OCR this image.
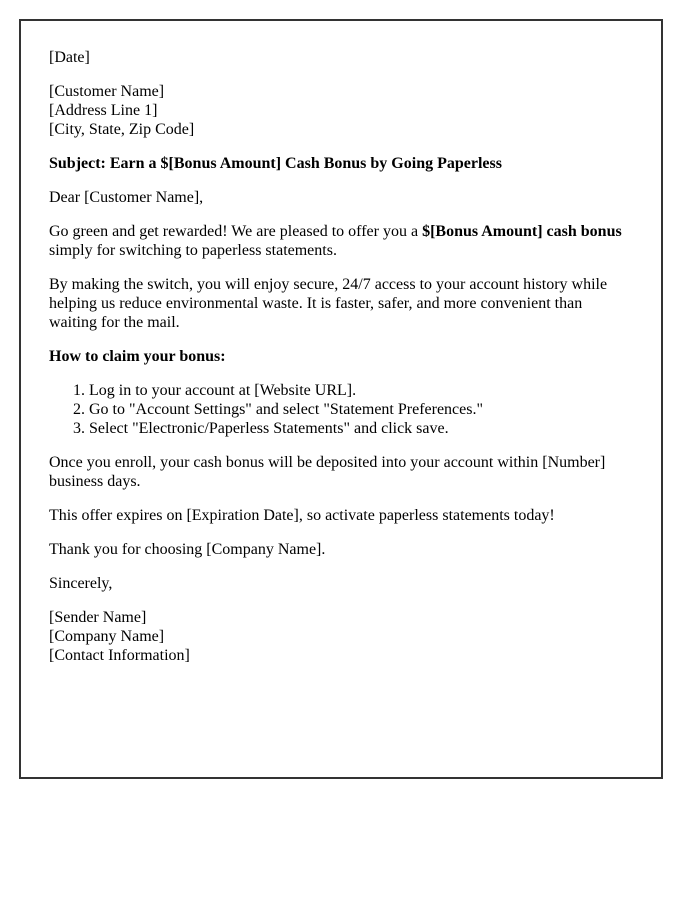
[Date]

[Customer Name]
[Address Line 1]
[City, State, Zip Code]

Subject: Earn a $[Bonus Amount] Cash Bonus by Going Paperless

Dear [Customer Name],

Go green and get rewarded! We are pleased to offer you a $[Bonus Amount] cash bonus simply for switching to paperless statements.

By making the switch, you will enjoy secure, 24/7 access to your account history while helping us reduce environmental waste. It is faster, safer, and more convenient than waiting for the mail.

How to claim your bonus:

1. Log in to your account at [Website URL].
2. Go to "Account Settings" and select "Statement Preferences."
3. Select "Electronic/Paperless Statements" and click save.

Once you enroll, your cash bonus will be deposited into your account within [Number] business days.

This offer expires on [Expiration Date], so activate paperless statements today!

Thank you for choosing [Company Name].

Sincerely,

[Sender Name]
[Company Name]
[Contact Information]
